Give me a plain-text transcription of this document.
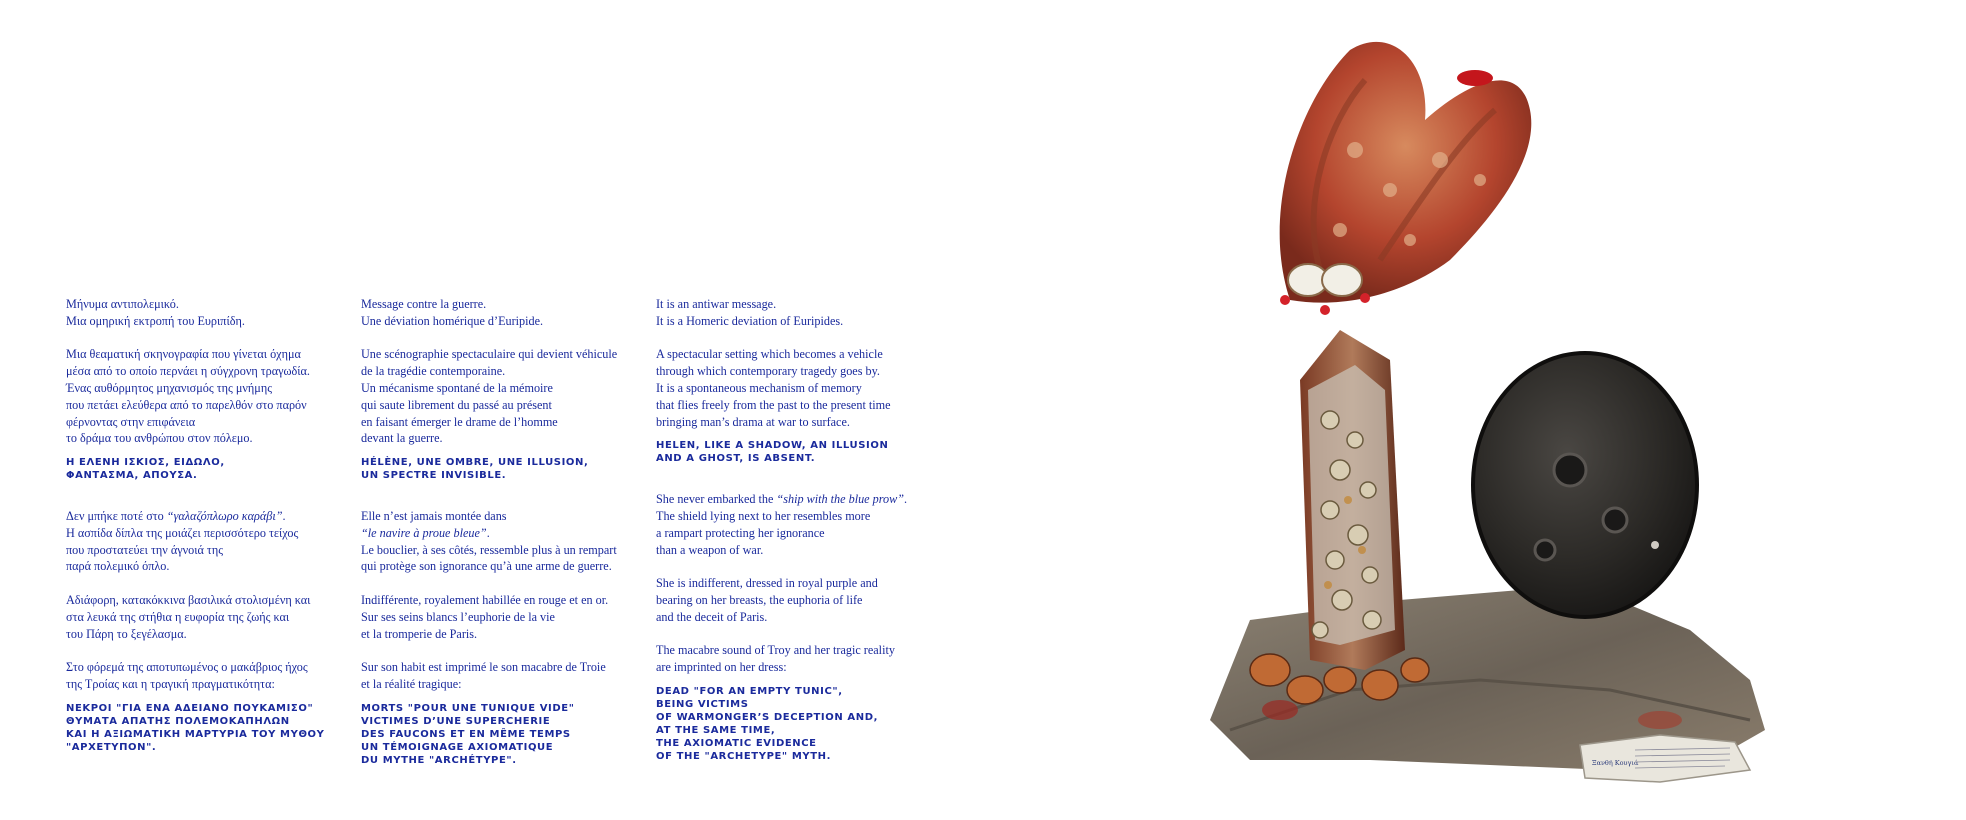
Μήνυμα αντιπολεμικό.
Μια ομηρική εκτροπή του Ευριπίδη.
Μια θεαματική σκηνογραφία που γίνεται όχημα
μέσα από το οποίο περνάει η σύγχρονη τραγωδία.
Ένας αυθόρμητος μηχανισμός της μνήμης
που πετάει ελεύθερα από το παρελθόν στο παρόν
φέρνοντας στην επιφάνεια
το δράμα του ανθρώπου στον πόλεμο.
Η ΕΛΕΝΗ ΙΣΚΙΟΣ, ΕΙΔΩΛΟ,
ΦΑΝΤΑΣΜΑ, ΑΠΟΥΣΑ.
Δεν μπήκε ποτέ στο “γαλαζόπλωρο καράβι”.
Η ασπίδα δίπλα της μοιάζει περισσότερο τείχος
που προστατεύει την άγνοιά της
παρά πολεμικό όπλο.
Αδιάφορη, κατακόκκινα βασιλικά στολισμένη και
στα λευκά της στήθια η ευφορία της ζωής και
του Πάρη το ξεγέλασμα.
Στο φόρεμά της αποτυπωμένος ο μακάβριος ήχος
της Τροίας και η τραγική πραγματικότητα:
ΝΕΚΡΟΙ "ΓΙΑ ΕΝΑ ΑΔΕΙΑΝΟ ΠΟΥΚΑΜΙΣΟ"
ΘΥΜΑΤΑ ΑΠΑΤΗΣ ΠΟΛΕΜΟΚΑΠΗΛΩΝ
ΚΑΙ Η ΑΞΙΩΜΑΤΙΚΗ ΜΑΡΤΥΡΙΑ ΤΟΥ ΜΥΘΟΥ
"ΑΡΧΕΤΥΠΟΝ".
Message contre la guerre.
Une déviation homérique d’Euripide.
Une scénographie spectaculaire qui devient véhicule
de la tragédie contemporaine.
Un mécanisme spontané de la mémoire
qui saute librement du passé au présent
en faisant émerger le drame de l’homme
devant la guerre.
HÉLÈNE, UNE OMBRE, UNE ILLUSION,
UN SPECTRE INVISIBLE.
Elle n’est jamais montée dans
“le navire à proue bleue”.
Le bouclier, à ses côtés, ressemble plus à un rempart
qui protège son ignorance qu’à une arme de guerre.
Indifférente, royalement habillée en rouge et en or.
Sur ses seins blancs l’euphorie de la vie
et la tromperie de Paris.
Sur son habit est imprimé le son macabre de Troie
et la réalité tragique:
MORTS "POUR UNE TUNIQUE VIDE"
VICTIMES D’UNE SUPERCHERIE
DES FAUCONS ET EN MÊME TEMPS
UN TÉMOIGNAGE AXIOMATIQUE
DU MYTHE "ARCHÉTYPE".
It is an antiwar message.
It is a Homeric deviation of Euripides.
A spectacular setting which becomes a vehicle
through which contemporary tragedy goes by.
It is a spontaneous mechanism of memory
that flies freely from the past to the present time
bringing man’s drama at war to surface.
HELEN, LIKE A SHADOW, AN ILLUSION
AND A GHOST, IS ABSENT.
She never embarked the “ship with the blue prow”.
The shield lying next to her resembles more
a rampart protecting her ignorance
than a weapon of war.
She is indifferent, dressed in royal purple and
bearing on her breasts, the euphoria of life
and the deceit of Paris.
The macabre sound of Troy and her tragic reality
are imprinted on her dress:
DEAD "FOR AN EMPTY TUNIC",
BEING VICTIMS
OF WARMONGER’S DECEPTION AND,
AT THE SAME TIME,
THE AXIOMATIC EVIDENCE
OF THE "ARCHETYPE" MYTH.
Ξανθή Κουγιά
